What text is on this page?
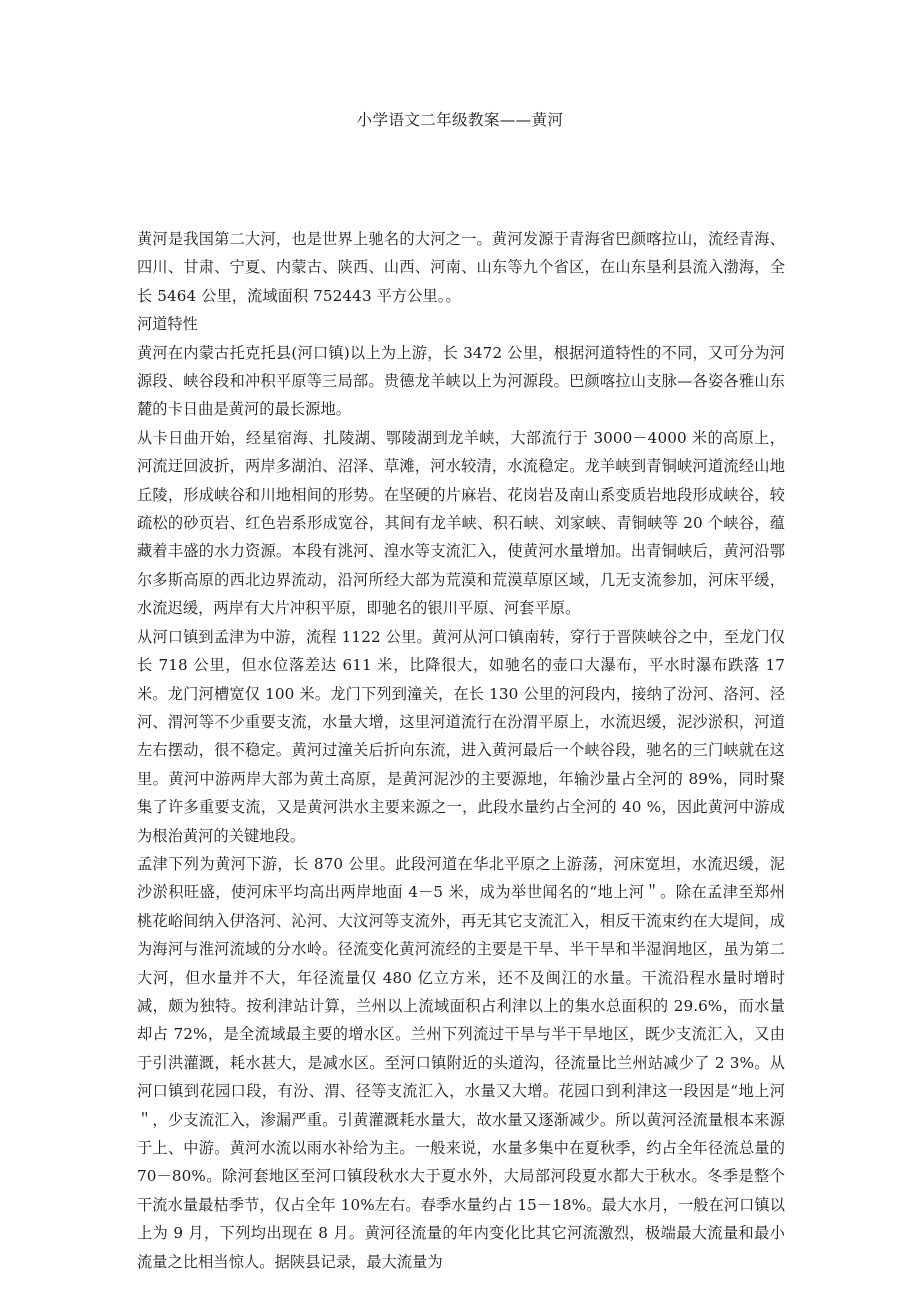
小学语文二年级教案——黄河

黄河是我国第二大河，也是世界上驰名的大河之一。黄河发源于青海省巴颜喀拉山，流经青海、四川、甘肃、宁夏、内蒙古、陕西、山西、河南、山东等九个省区，在山东垦利县流入渤海，全长 5464 公里，流域面积 752443 平方公里。。

河道特性

黄河在内蒙古托克托县(河口镇)以上为上游，长 3472 公里，根据河道特性的不同，又可分为河源段、峡谷段和冲积平原等三局部。贵德龙羊峡以上为河源段。巴颜喀拉山支脉—各姿各雅山东麓的卡日曲是黄河的最长源地。

从卡日曲开始，经星宿海、扎陵湖、鄂陵湖到龙羊峡，大部流行于 3000－4000 米的高原上，河流迂回波折，两岸多湖泊、沼泽、草滩，河水较清，水流稳定。龙羊峡到青铜峡河道流经山地丘陵，形成峡谷和川地相间的形势。在坚硬的片麻岩、花岗岩及南山系变质岩地段形成峡谷，较疏松的砂页岩、红色岩系形成宽谷，其间有龙羊峡、积石峡、刘家峡、青铜峡等 20 个峡谷，蕴藏着丰盛的水力资源。本段有洮河、湟水等支流汇入，使黄河水量增加。出青铜峡后，黄河沿鄂尔多斯高原的西北边界流动，沿河所经大部为荒漠和荒漠草原区域，几无支流参加，河床平缓，水流迟缓，两岸有大片冲积平原，即驰名的银川平原、河套平原。

从河口镇到孟津为中游，流程 1122 公里。黄河从河口镇南转，穿行于晋陕峡谷之中，至龙门仅长 718 公里，但水位落差达 611 米，比降很大，如驰名的壶口大瀑布，平水时瀑布跌落 17 米。龙门河槽宽仅 100 米。龙门下列到潼关，在长 130 公里的河段内，接纳了汾河、洛河、泾河、渭河等不少重要支流，水量大增，这里河道流行在汾渭平原上，水流迟缓，泥沙淤积，河道左右摆动，很不稳定。黄河过潼关后折向东流，进入黄河最后一个峡谷段，驰名的三门峡就在这里。黄河中游两岸大部为黄土高原，是黄河泥沙的主要源地，年输沙量占全河的 89%，同时聚集了许多重要支流，又是黄河洪水主要来源之一，此段水量约占全河的 40 %，因此黄河中游成为根治黄河的关键地段。

孟津下列为黄河下游，长 870 公里。此段河道在华北平原之上游荡，河床宽坦，水流迟缓，泥沙淤积旺盛，使河床平均高出两岸地面 4－5 米，成为举世闻名的“地上河＂。除在孟津至郑州桃花峪间纳入伊洛河、沁河、大汶河等支流外，再无其它支流汇入，相反干流束约在大堤间，成为海河与淮河流域的分水岭。径流变化黄河流经的主要是干旱、半干旱和半湿润地区，虽为第二大河，但水量并不大，年径流量仅 480 亿立方米，还不及闽江的水量。干流沿程水量时增时减，颇为独特。按利津站计算，兰州以上流域面积占利津以上的集水总面积的 29.6%，而水量却占 72%，是全流域最主要的增水区。兰州下列流过干旱与半干旱地区，既少支流汇入，又由于引洪灌溉，耗水甚大，是减水区。至河口镇附近的头道沟，径流量比兰州站减少了 2 3%。从河口镇到花园口段，有汾、渭、径等支流汇入，水量又大增。花园口到利津这一段因是“地上河＂，少支流汇入，渗漏严重。引黄灌溉耗水量大，故水量又逐渐减少。所以黄河泾流量根本来源于上、中游。黄河水流以雨水补给为主。一般来说，水量多集中在夏秋季，约占全年径流总量的 70－80%。除河套地区至河口镇段秋水大于夏水外，大局部河段夏水都大于秋水。冬季是整个干流水量最枯季节，仅占全年 10%左右。春季水量约占 15－18%。最大水月，一般在河口镇以上为 9 月，下列均出现在 8 月。黄河径流量的年内变化比其它河流激烈，极端最大流量和最小流量之比相当惊人。据陕县记录，最大流量为
